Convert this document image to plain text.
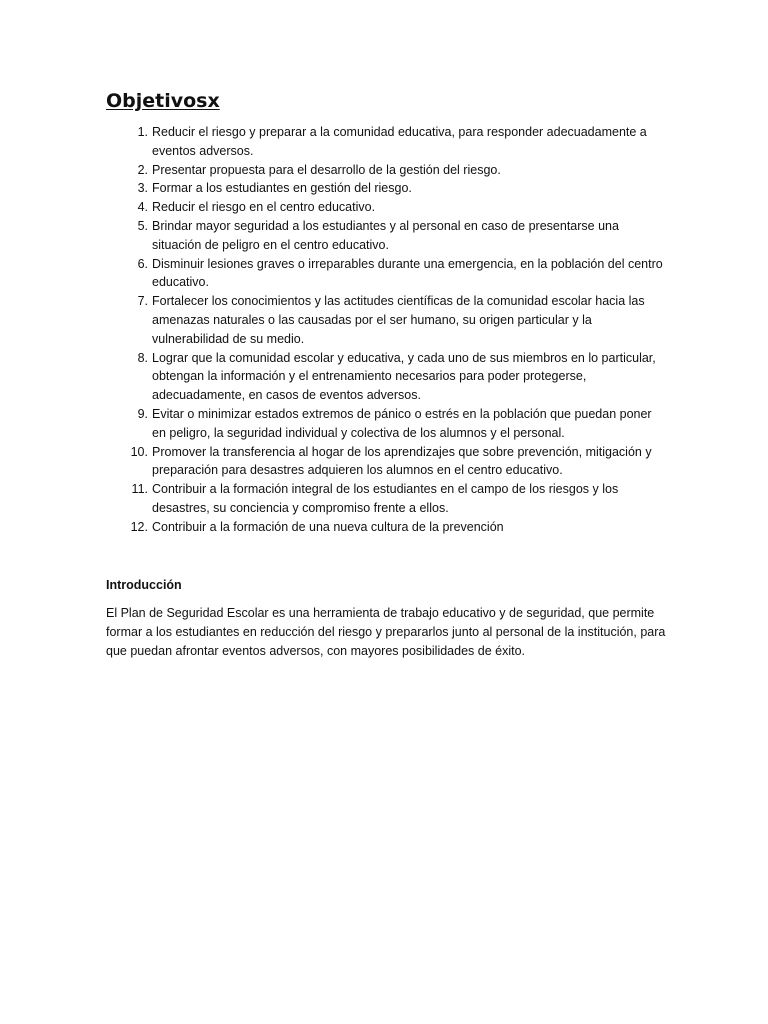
Objetivosx
1. Reducir el riesgo y preparar a la comunidad educativa, para responder adecuadamente a eventos adversos.
2. Presentar propuesta para el desarrollo de la gestión del riesgo.
3. Formar a los estudiantes en gestión del riesgo.
4. Reducir el riesgo en el centro educativo.
5. Brindar mayor seguridad a los estudiantes y al personal en caso de presentarse una situación de peligro en el centro educativo.
6. Disminuir lesiones graves o irreparables durante una emergencia, en la población del centro educativo.
7. Fortalecer los conocimientos y las actitudes científicas de la comunidad escolar hacia las amenazas naturales o las causadas por el ser humano, su origen particular y la vulnerabilidad de su medio.
8. Lograr que la comunidad escolar y educativa, y cada uno de sus miembros en lo particular, obtengan la información y el entrenamiento necesarios para poder protegerse, adecuadamente, en casos de eventos adversos.
9. Evitar o minimizar estados extremos de pánico o estrés en la población que puedan poner en peligro, la seguridad individual y colectiva de los alumnos y el personal.
10. Promover la transferencia al hogar de los aprendizajes que sobre prevención, mitigación y preparación para desastres adquieren los alumnos en el centro educativo.
11. Contribuir a la formación integral de los estudiantes en el campo de los riesgos y los desastres, su conciencia y compromiso frente a ellos.
12. Contribuir a la formación de una nueva cultura de la prevención
Introducción

El Plan de Seguridad Escolar es una herramienta de trabajo educativo y de seguridad, que permite formar a los estudiantes en reducción del riesgo y prepararlos junto al personal de la institución, para que puedan afrontar eventos adversos, con mayores posibilidades de éxito.
